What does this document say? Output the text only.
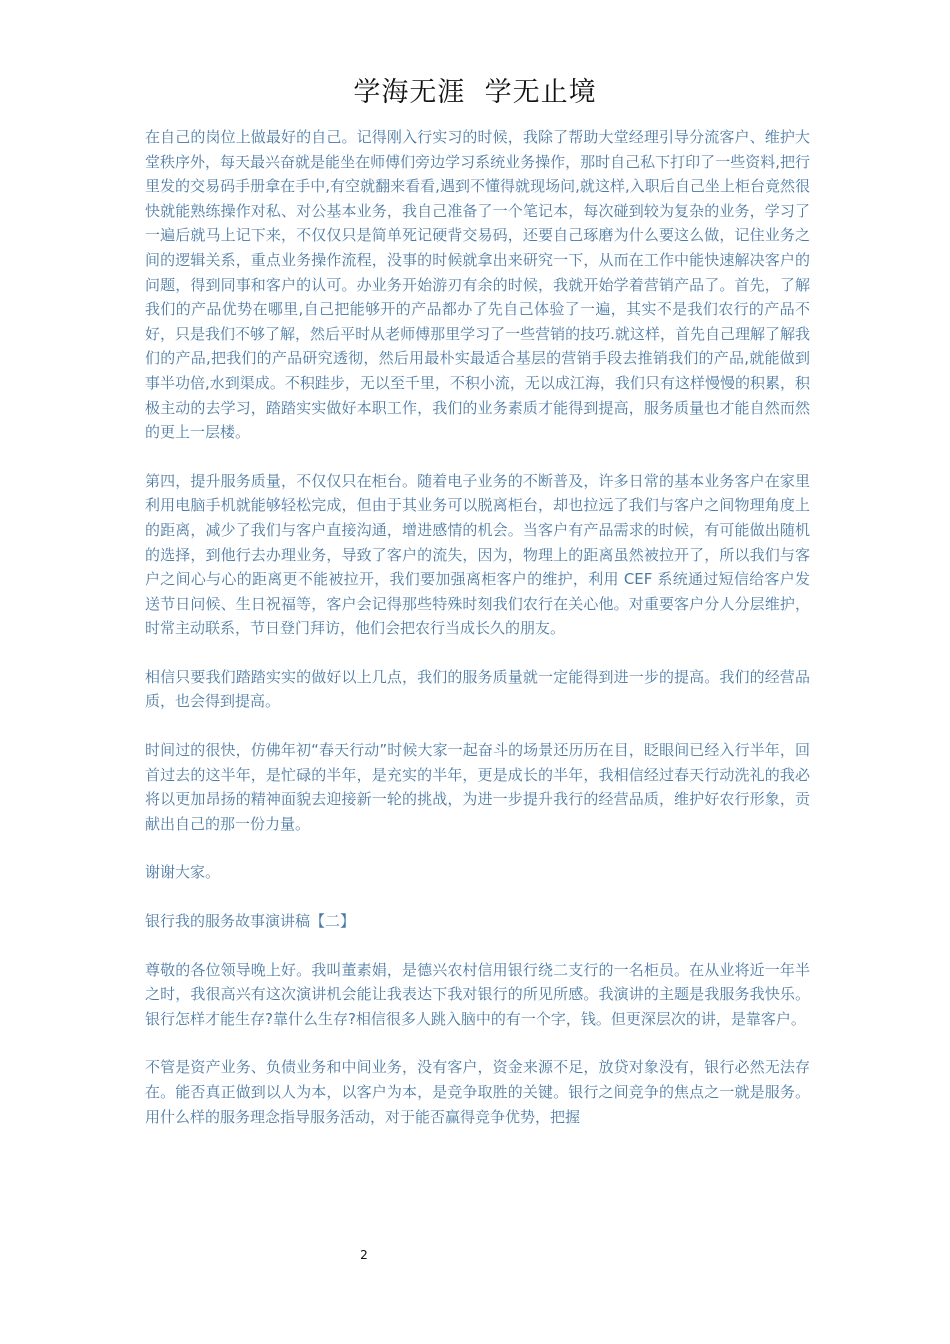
学海无涯  学无止境

在自己的岗位上做最好的自己。记得刚入行实习的时候，我除了帮助大堂经理引导分流客户、维护大堂秩序外，每天最兴奋就是能坐在师傅们旁边学习系统业务操作，那时自己私下打印了一些资料,把行里发的交易码手册拿在手中,有空就翻来看看,遇到不懂得就现场问,就这样,入职后自己坐上柜台竟然很快就能熟练操作对私、对公基本业务，我自己准备了一个笔记本，每次碰到较为复杂的业务，学习了一遍后就马上记下来，不仅仅只是简单死记硬背交易码，还要自己琢磨为什么要这么做，记住业务之间的逻辑关系，重点业务操作流程，没事的时候就拿出来研究一下，从而在工作中能快速解决客户的问题，得到同事和客户的认可。办业务开始游刃有余的时候，我就开始学着营销产品了。首先，了解我们的产品优势在哪里,自己把能够开的产品都办了先自己体验了一遍，其实不是我们农行的产品不好，只是我们不够了解，然后平时从老师傅那里学习了一些营销的技巧.就这样，首先自己理解了解我们的产品,把我们的产品研究透彻，然后用最朴实最适合基层的营销手段去推销我们的产品,就能做到事半功倍,水到渠成。不积跬步，无以至千里，不积小流，无以成江海，我们只有这样慢慢的积累，积极主动的去学习，踏踏实实做好本职工作，我们的业务素质才能得到提高，服务质量也才能自然而然的更上一层楼。

第四，提升服务质量，不仅仅只在柜台。随着电子业务的不断普及，许多日常的基本业务客户在家里利用电脑手机就能够轻松完成，但由于其业务可以脱离柜台，却也拉远了我们与客户之间物理角度上的距离，减少了我们与客户直接沟通，增进感情的机会。当客户有产品需求的时候，有可能做出随机的选择，到他行去办理业务，导致了客户的流失，因为，物理上的距离虽然被拉开了，所以我们与客户之间心与心的距离更不能被拉开，我们要加强离柜客户的维护，利用 CEF 系统通过短信给客户发送节日问候、生日祝福等，客户会记得那些特殊时刻我们农行在关心他。对重要客户分人分层维护，时常主动联系，节日登门拜访，他们会把农行当成长久的朋友。

相信只要我们踏踏实实的做好以上几点，我们的服务质量就一定能得到进一步的提高。我们的经营品质，也会得到提高。

时间过的很快，仿佛年初“春天行动”时候大家一起奋斗的场景还历历在目，眨眼间已经入行半年，回首过去的这半年，是忙碌的半年，是充实的半年，更是成长的半年，我相信经过春天行动洗礼的我必将以更加昂扬的精神面貌去迎接新一轮的挑战，为进一步提升我行的经营品质，维护好农行形象，贡献出自己的那一份力量。

谢谢大家。

银行我的服务故事演讲稿【二】

尊敬的各位领导晚上好。我叫董素娟，是德兴农村信用银行绕二支行的一名柜员。在从业将近一年半之时，我很高兴有这次演讲机会能让我表达下我对银行的所见所感。我演讲的主题是我服务我快乐。银行怎样才能生存?靠什么生存?相信很多人跳入脑中的有一个字，钱。但更深层次的讲，是靠客户。

不管是资产业务、负债业务和中间业务，没有客户，资金来源不足，放贷对象没有，银行必然无法存在。能否真正做到以人为本，以客户为本，是竞争取胜的关键。银行之间竞争的焦点之一就是服务。用什么样的服务理念指导服务活动，对于能否赢得竞争优势，把握

2
